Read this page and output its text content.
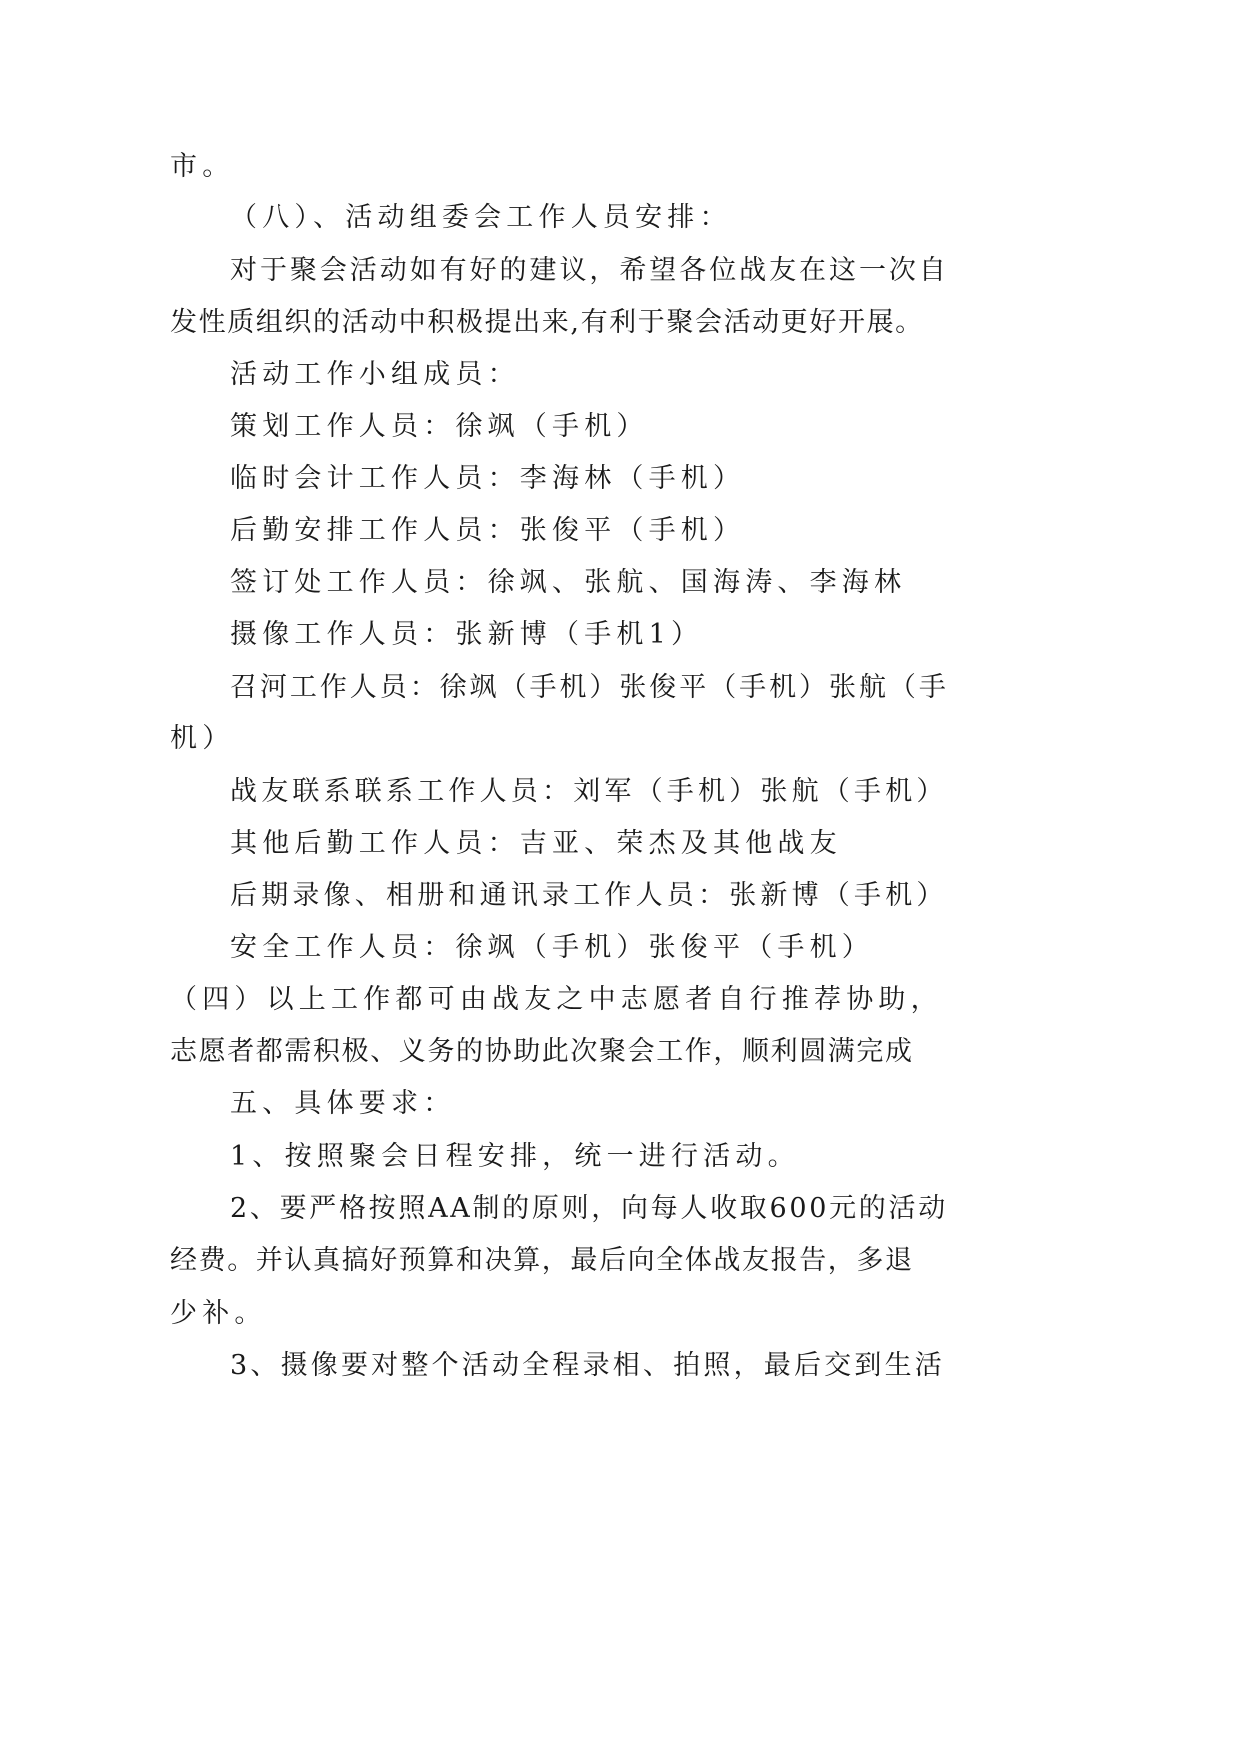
市。
（八）、活动组委会工作人员安排：
对于聚会活动如有好的建议，希望各位战友在这一次自
发性质组织的活动中积极提出来,有利于聚会活动更好开展。
活动工作小组成员：
策划工作人员：徐飒（手机）
临时会计工作人员：李海林（手机）
后勤安排工作人员：张俊平（手机）
签订处工作人员：徐飒、张航、国海涛、李海林
摄像工作人员：张新博（手机1）
召河工作人员：徐飒（手机）张俊平（手机）张航（手
机）
战友联系联系工作人员：刘军（手机）张航（手机）
其他后勤工作人员：吉亚、荣杰及其他战友
后期录像、相册和通讯录工作人员：张新博（手机）
安全工作人员：徐飒（手机）张俊平（手机）
（四）以上工作都可由战友之中志愿者自行推荐协助，
志愿者都需积极、义务的协助此次聚会工作，顺利圆满完成
五、具体要求：
1、按照聚会日程安排，统一进行活动。
2、要严格按照AA制的原则，向每人收取600元的活动
经费。并认真搞好预算和决算，最后向全体战友报告，多退
少补。
3、摄像要对整个活动全程录相、拍照，最后交到生活
